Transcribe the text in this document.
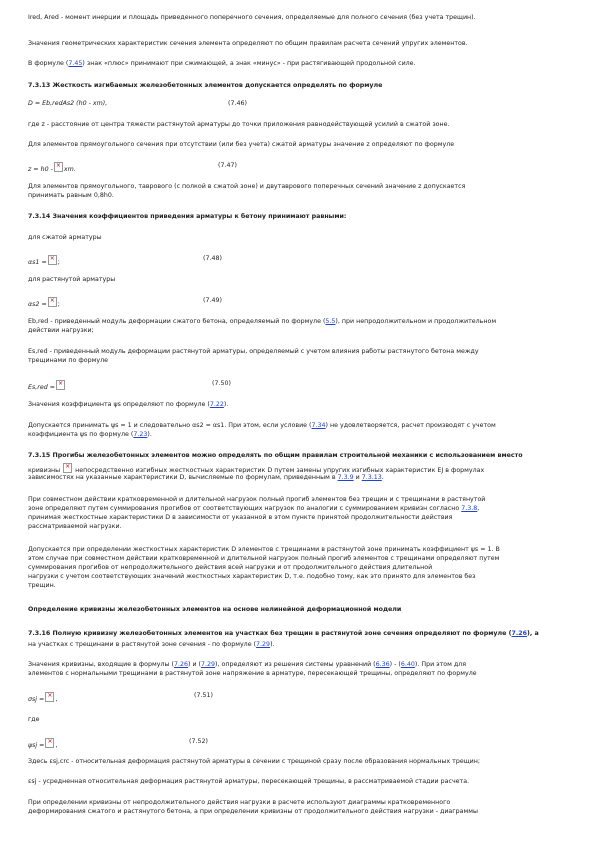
Ired, Ared - момент инерции и площадь приведенного поперечного сечения, определяемые для полного сечения (без учета трещин).
Значения геометрических характеристик сечения элемента определяют по общим правилам расчета сечений упругих элементов.
В формуле (7.45) знак «плюс» принимают при сжимающей, а знак «минус» - при растягивающей продольной силе.
7.3.13 Жесткость изгибаемых железобетонных элементов допускается определять по формуле
D = Eb,redAs2 (h0 - xm),	(7.46)
где z - расстояние от центра тяжести растянутой арматуры до точки приложения равнодействующей усилий в сжатой зоне.
Для элементов прямоугольного сечения при отсутствии (или без учета) сжатой арматуры значение z определяют по формуле
z = h0 -
×
хm.
(7.47)
Для элементов прямоугольного, таврового (с полкой в сжатой зоне) и двутаврового поперечных сечений значение z допускается
принимать равным 0,8h0.
7.3.14 Значения коэффициентов приведения арматуры к бетону принимают равными:
для сжатой арматуры
αs1 =
×
;
(7.48)
для растянутой арматуры
αs2 =
×
;
(7.49)
Eb,red - приведенный модуль деформации сжатого бетона, определяемый по формуле (5.5), при непродолжительном и продолжительном
действии нагрузки;
Es,red - приведенный модуль деформации растянутой арматуры, определяемый с учетом влияния работы растянутого бетона между
трещинами по формуле
Es,red =
×	(7.50)
Значения коэффициента ψs определяют по формуле (7.22).
Допускается принимать ψs = 1 и следовательно αs2 = αs1. При этом, если условие (7.34) не удовлетворяется, расчет производят с учетом
коэффициента ψs по формуле (7.23).
7.3.15 Прогибы железобетонных элементов можно определять по общим правилам строительной механики с использованием вместо
кривизны
×
непосредственно изгибных жесткостных характеристик D путем замены упругих изгибных характеристик EJ в формулах
зависимостях на указанные характеристики D, вычисляемые по формулам, приведенным в 7.3.9 и 7.3.13.
При совместном действии кратковременной и длительной нагрузок полный прогиб элементов без трещин и с трещинами в растянутой
зоне определяют путем суммирования прогибов от соответствующих нагрузок по аналогии с суммированием кривизн согласно 7.3.8,
принимая жесткостные характеристики D в зависимости от указанной в этом пункте принятой продолжительности действия
рассматриваемой нагрузки.
Допускается при определении жесткостных характеристик D элементов с трещинами в растянутой зоне принимать коэффициент ψs = 1. В
этом случае при совместном действии кратковременной и длительной нагрузок полный прогиб элементов с трещинами определяют путем
суммирования прогибов от непродолжительного действия всей нагрузки и от продолжительного действия длительной
нагрузки с учетом соответствующих значений жесткостных характеристик D, т.е. подобно тому, как это принято для элементов без
трещин.
Определение кривизны железобетонных элементов на основе нелинейной деформационной модели
7.3.16 Полную кривизну железобетонных элементов на участках без трещин в растянутой зоне сечения определяют по формуле (7.26), а
на участках с трещинами в растянутой зоне сечения - по формуле (7.29).
Значения кривизны, входящие в формулы (7.26) и (7.29), определяют из решения системы уравнений (6.36) - (6.40). При этом для
элементов с нормальными трещинами в растянутой зоне напряжение в арматуре, пересекающей трещины, определяют по формуле
σsj =
×
,
(7.51)
где
ψsj =
×
,
(7.52)
Здесь εsj,crc - относительная деформация растянутой арматуры в сечении с трещиной сразу после образования нормальных трещин;
εsj - усредненная относительная деформация растянутой арматуры, пересекающей трещины, в рассматриваемой стадии расчета.
При определении кривизны от непродолжительного действия нагрузки в расчете используют диаграммы кратковременного
деформирования сжатого и растянутого бетона, а при определении кривизны от продолжительного действия нагрузки - диаграммы
